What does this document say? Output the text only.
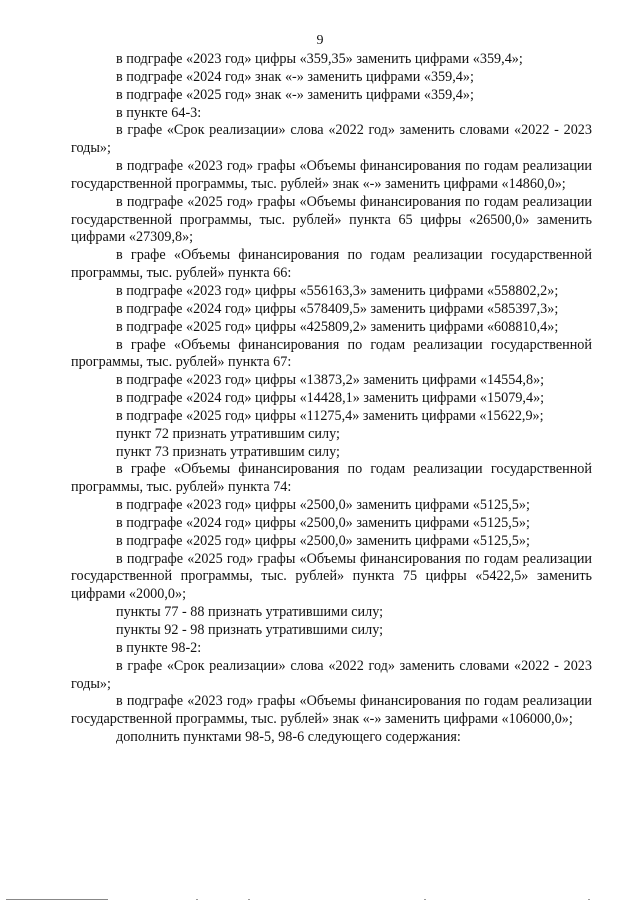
9

в подграфе «2023 год» цифры «359,35» заменить цифрами «359,4»;

в подграфе «2024 год» знак «-» заменить цифрами «359,4»;

в подграфе «2025 год» знак «-» заменить цифрами «359,4»;

в пункте 64-3:

в графе «Срок реализации» слова «2022 год» заменить словами «2022 - 2023 годы»;

в подграфе «2023 год» графы «Объемы финансирования по годам реализации государственной программы, тыс. рублей» знак «-» заменить цифрами «14860,0»;

в подграфе «2025 год» графы «Объемы финансирования по годам реализации государственной программы, тыс. рублей» пункта 65 цифры «26500,0» заменить цифрами «27309,8»;

в графе «Объемы финансирования по годам реализации государственной программы, тыс. рублей» пункта 66:

в подграфе «2023 год» цифры «556163,3» заменить цифрами «558802,2»;

в подграфе «2024 год» цифры «578409,5» заменить цифрами «585397,3»;

в подграфе «2025 год» цифры «425809,2» заменить цифрами «608810,4»;

в графе «Объемы финансирования по годам реализации государственной программы, тыс. рублей» пункта 67:

в подграфе «2023 год» цифры «13873,2» заменить цифрами «14554,8»;

в подграфе «2024 год» цифры «14428,1» заменить цифрами «15079,4»;

в подграфе «2025 год» цифры «11275,4» заменить цифрами «15622,9»;

пункт 72 признать утратившим силу;

пункт 73 признать утратившим силу;

в графе «Объемы финансирования по годам реализации государственной программы, тыс. рублей» пункта 74:

в подграфе «2023 год» цифры «2500,0» заменить цифрами «5125,5»;

в подграфе «2024 год» цифры «2500,0» заменить цифрами «5125,5»;

в подграфе «2025 год» цифры «2500,0» заменить цифрами «5125,5»;

в подграфе «2025 год» графы «Объемы финансирования по годам реализации государственной программы, тыс. рублей» пункта 75 цифры «5422,5» заменить цифрами «2000,0»;

пункты 77 - 88 признать утратившими силу;

пункты 92 - 98 признать утратившими силу;

в пункте 98-2:

в графе «Срок реализации» слова «2022 год» заменить словами «2022 - 2023 годы»;

в подграфе «2023 год» графы «Объемы финансирования по годам реализации государственной программы, тыс. рублей» знак «-» заменить цифрами «106000,0»;

дополнить пунктами 98-5, 98-6 следующего содержания:
